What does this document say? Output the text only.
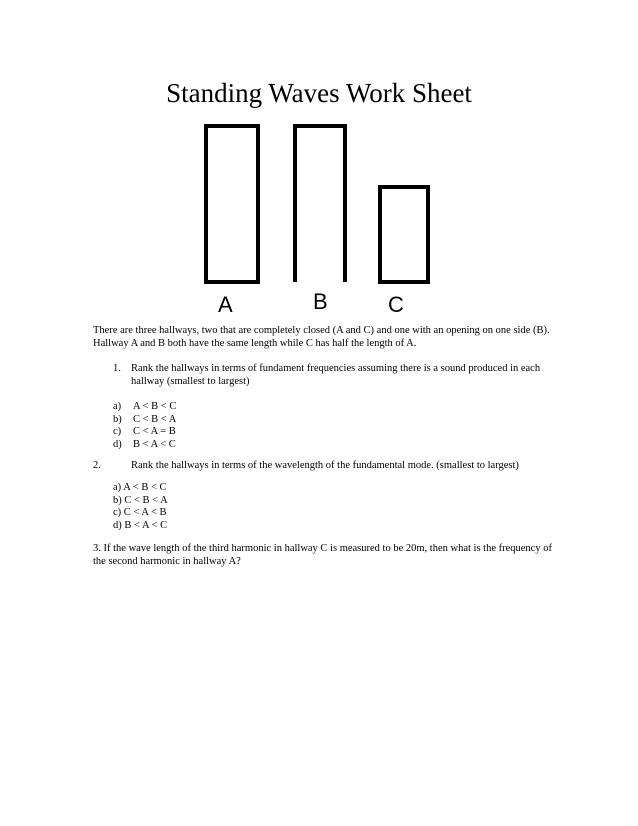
Standing Waves Work Sheet
A	B	C
There are three hallways, two that are completely closed (A and C) and one with an opening on one side (B). Hallway A and B both have the same length while C has half the length of A.
1. Rank the hallways in terms of fundament frequencies assuming there is a sound produced in each hallway (smallest to largest)
a)	A < B < C
b)	C < B < A
c)	C < A = B
d)	B < A < C
2.	Rank the hallways in terms of the wavelength of the fundamental mode. (smallest to largest)
a) A < B < C
b) C < B < A
c) C < A < B
d) B < A < C
3. If the wave length of the third harmonic in hallway C is measured to be 20m, then what is the frequency of the second harmonic in hallway A?
